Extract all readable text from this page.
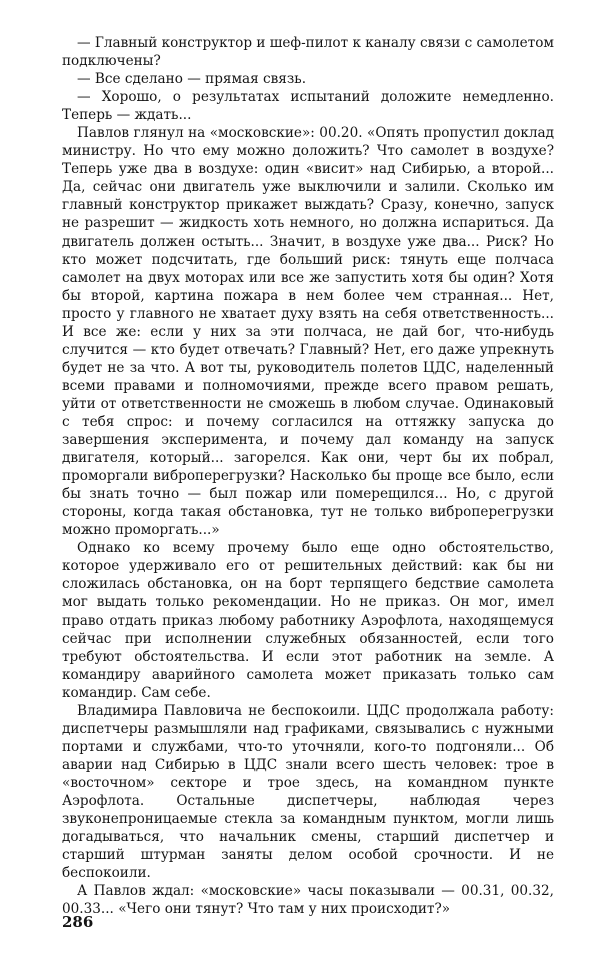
— Главный конструктор и шеф-пилот к каналу связи с самолетом подключены?

— Все сделано — прямая связь.

— Хорошо, о результатах испытаний доложите немедленно. Теперь — ждать...

Павлов глянул на «московские»: 00.20. «Опять пропустил доклад министру. Но что ему можно доложить? Что самолет в воздухе? Теперь уже два в воздухе: один «висит» над Сибирью, а второй... Да, сейчас они двигатель уже выключили и залили. Сколько им главный конструктор прикажет выждать? Сразу, конечно, запуск не разрешит — жидкость хоть немного, но должна испариться. Да двигатель должен остыть... Значит, в воздухе уже два... Риск? Но кто может подсчитать, где больший риск: тянуть еще полчаса самолет на двух моторах или все же запустить хотя бы один? Хотя бы второй, картина пожара в нем более чем странная... Нет, просто у главного не хватает духу взять на себя ответственность... И все же: если у них за эти полчаса, не дай бог, что-нибудь случится — кто будет отвечать? Главный? Нет, его даже упрекнуть будет не за что. А вот ты, руководитель полетов ЦДС, наделенный всеми правами и полномочиями, прежде всего правом решать, уйти от ответственности не сможешь в любом случае. Одинаковый с тебя спрос: и почему согласился на оттяжку запуска до завершения эксперимента, и почему дал команду на запуск двигателя, который... загорелся. Как они, черт бы их побрал, проморгали виброперегрузки? Насколько бы проще все было, если бы знать точно — был пожар или померещился... Но, с другой стороны, когда такая обстановка, тут не только виброперегрузки можно проморгать...»

Однако ко всему прочему было еще одно обстоятельство, которое удерживало его от решительных действий: как бы ни сложилась обстановка, он на борт терпящего бедствие самолета мог выдать только рекомендации. Но не приказ. Он мог, имел право отдать приказ любому работнику Аэрофлота, находящемуся сейчас при исполнении служебных обязанностей, если того требуют обстоятельства. И если этот работник на земле. А командиру аварийного самолета может приказать только сам командир. Сам себе.

Владимира Павловича не беспокоили. ЦДС продолжала работу: диспетчеры размышляли над графиками, связывались с нужными портами и службами, что-то уточняли, кого-то подгоняли... Об аварии над Сибирью в ЦДС знали всего шесть человек: трое в «восточном» секторе и трое здесь, на командном пункте Аэрофлота. Остальные диспетчеры, наблюдая через звуконепроницаемые стекла за командным пунктом, могли лишь догадываться, что начальник смены, старший диспетчер и старший штурман заняты делом особой срочности. И не беспокоили.

А Павлов ждал: «московские» часы показывали — 00.31, 00.32, 00.33... «Чего они тянут? Что там у них происходит?»

286
